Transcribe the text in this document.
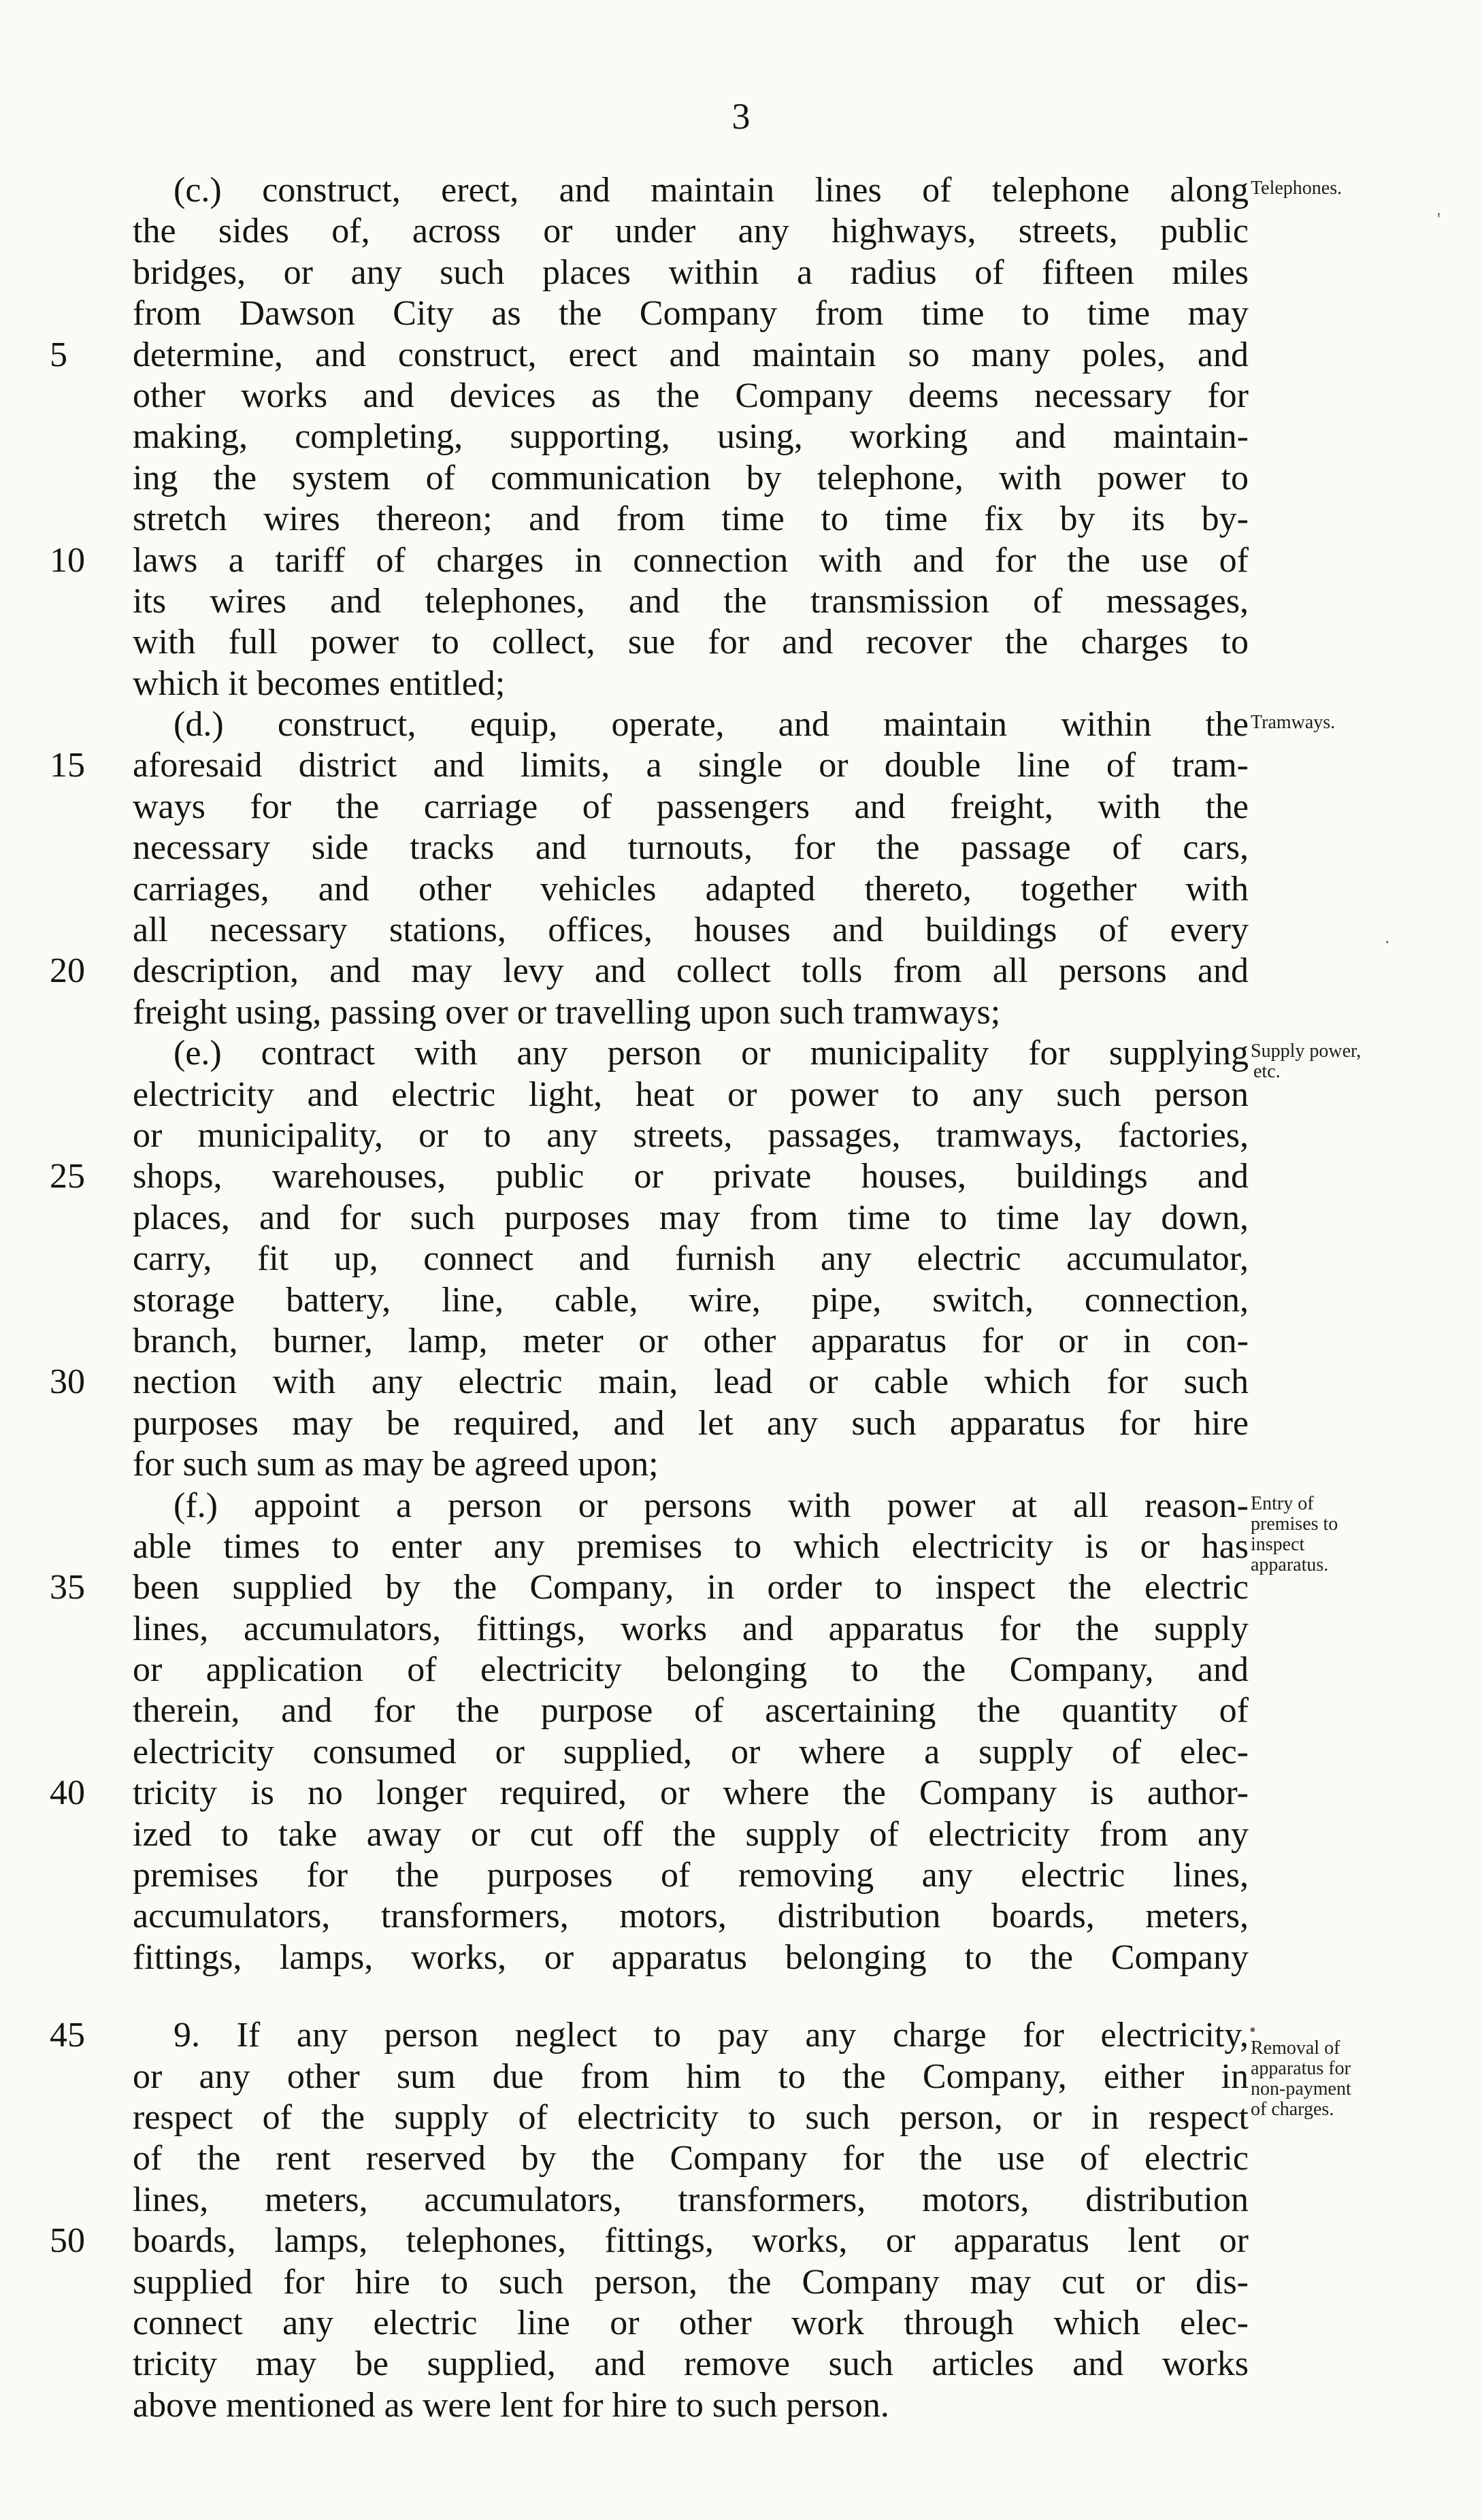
3
(c.) construct, erect, and maintain lines of telephone along
the sides of, across or under any highways, streets, public
bridges, or any such places within a radius of fifteen miles
from Dawson City as the Company from time to time may
5 determine, and construct, erect and maintain so many poles, and
other works and devices as the Company deems necessary for
making, completing, supporting, using, working and maintain-
ing the system of communication by telephone, with power to
stretch wires thereon; and from time to time fix by its by-
10 laws a tariff of charges in connection with and for the use of
its wires and telephones, and the transmission of messages,
with full power to collect, sue for and recover the charges to
which it becomes entitled;
(d.) construct, equip, operate, and maintain within the
15 aforesaid district and limits, a single or double line of tram-
ways for the carriage of passengers and freight, with the
necessary side tracks and turnouts, for the passage of cars,
carriages, and other vehicles adapted thereto, together with
all necessary stations, offices, houses and buildings of every
20 description, and may levy and collect tolls from all persons and
freight using, passing over or travelling upon such tramways;
(e.) contract with any person or municipality for supplying
electricity and electric light, heat or power to any such person
or municipality, or to any streets, passages, tramways, factories,
25 shops, warehouses, public or private houses, buildings and
places, and for such purposes may from time to time lay down,
carry, fit up, connect and furnish any electric accumulator,
storage battery, line, cable, wire, pipe, switch, connection,
branch, burner, lamp, meter or other apparatus for or in con-
30 nection with any electric main, lead or cable which for such
purposes may be required, and let any such apparatus for hire
for such sum as may be agreed upon;
(f.) appoint a person or persons with power at all reason-
able times to enter any premises to which electricity is or has
35 been supplied by the Company, in order to inspect the electric
lines, accumulators, fittings, works and apparatus for the supply
or application of electricity belonging to the Company, and
therein, and for the purpose of ascertaining the quantity of
electricity consumed or supplied, or where a supply of elec-
40 tricity is no longer required, or where the Company is author-
ized to take away or cut off the supply of electricity from any
premises for the purposes of removing any electric lines,
accumulators, transformers, motors, distribution boards, meters,
fittings, lamps, works, or apparatus belonging to the Company
45	9. If any person neglect to pay any charge for electricity,
or any other sum due from him to the Company, either in
respect of the supply of electricity to such person, or in respect
of the rent reserved by the Company for the use of electric
lines, meters, accumulators, transformers, motors, distribution
50 boards, lamps, telephones, fittings, works, or apparatus lent or
supplied for hire to such person, the Company may cut or dis-
connect any electric line or other work through which elec-
tricity may be supplied, and remove such articles and works
above mentioned as were lent for hire to such person.
Telephones.
Tramways.
Supply power,
etc.
Entry of
premises to
inspect
apparatus.
Removal of
apparatus for
non-payment
of charges.
'
·
•
